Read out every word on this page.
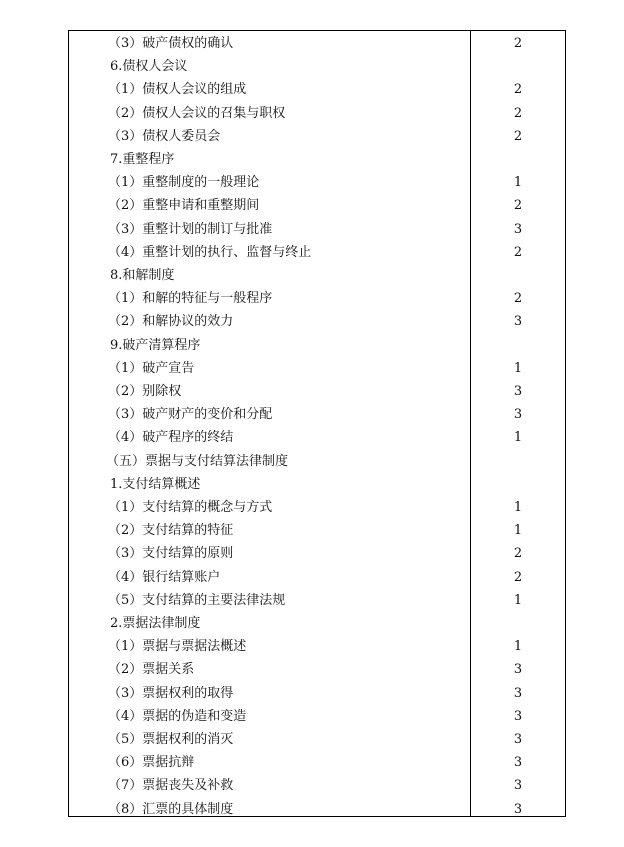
（3）破产债权的确认	2
6.债权人会议
（1）债权人会议的组成	2
（2）债权人会议的召集与职权	2
（3）债权人委员会	2
7.重整程序
（1）重整制度的一般理论	1
（2）重整申请和重整期间	2
（3）重整计划的制订与批准	3
（4）重整计划的执行、监督与终止	2
8.和解制度
（1）和解的特征与一般程序	2
（2）和解协议的效力	3
9.破产清算程序
（1）破产宣告	1
（2）别除权	3
（3）破产财产的变价和分配	3
（4）破产程序的终结	1
（五）票据与支付结算法律制度
1.支付结算概述
（1）支付结算的概念与方式	1
（2）支付结算的特征	1
（3）支付结算的原则	2
（4）银行结算账户	2
（5）支付结算的主要法律法规	1
2.票据法律制度
（1）票据与票据法概述	1
（2）票据关系	3
（3）票据权利的取得	3
（4）票据的伪造和变造	3
（5）票据权利的消灭	3
（6）票据抗辩	3
（7）票据丧失及补救	3
（8）汇票的具体制度	3
